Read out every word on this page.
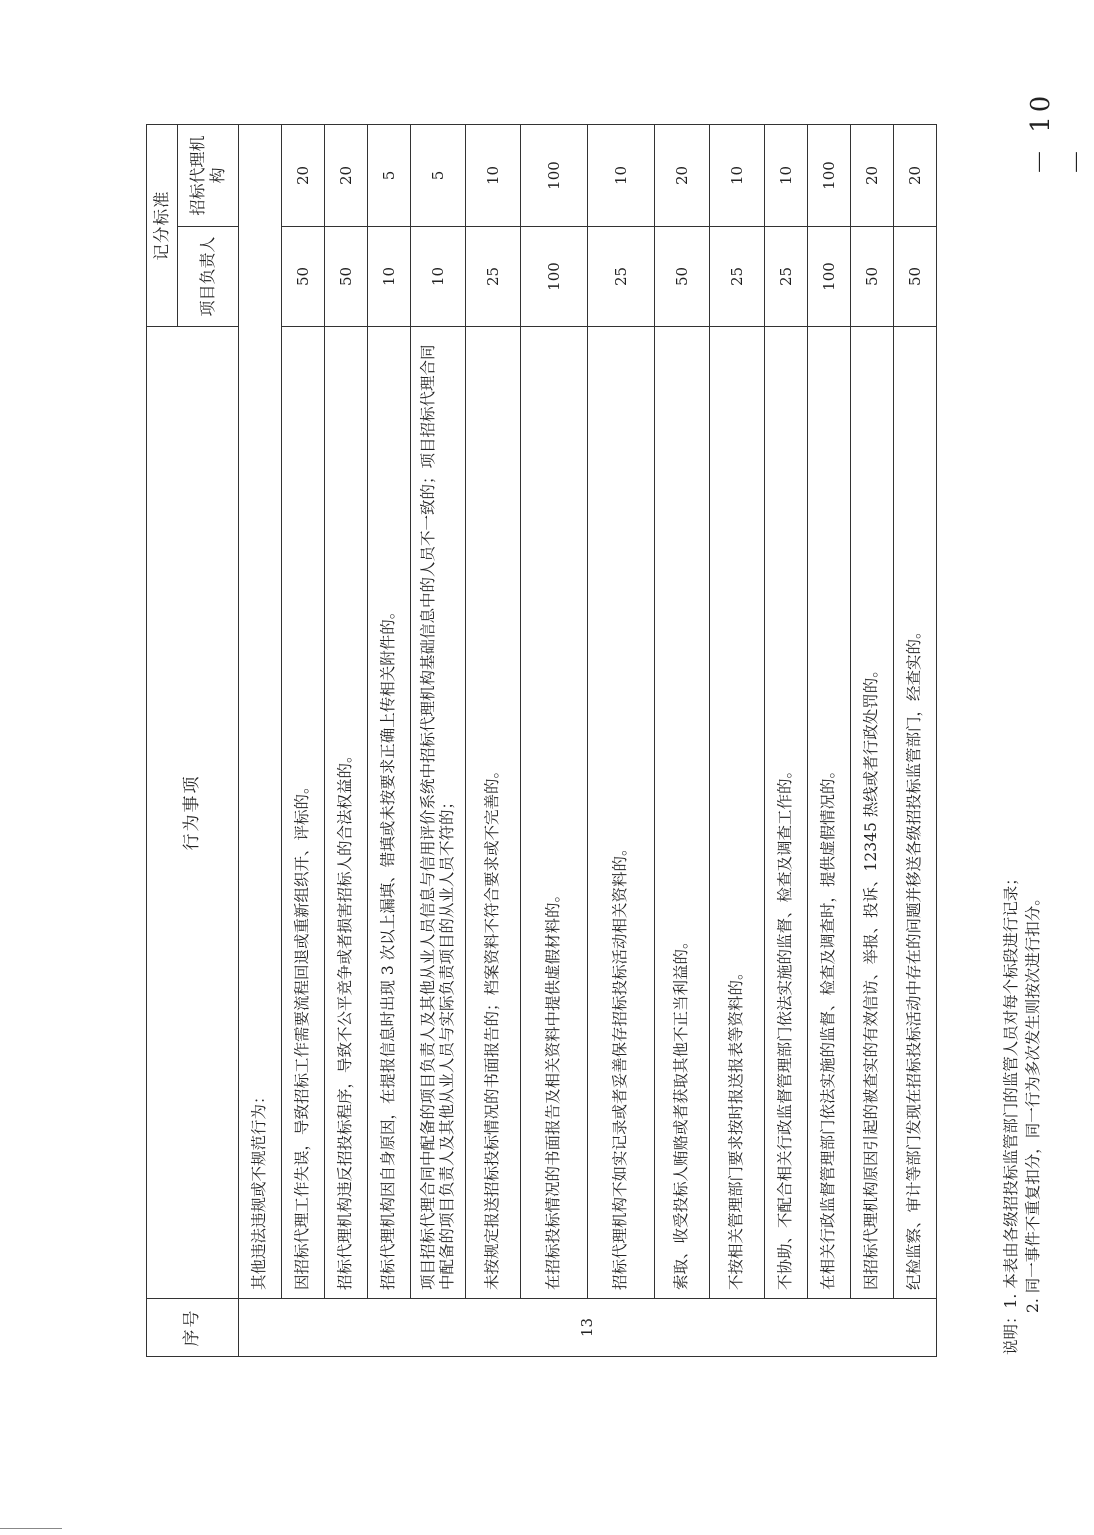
序号	行为事项	记分标准	
		项目负责人	招标代理机构
13	其他违法违规或不规范行为：		
	因招标代理工作失误，导致招标工作需要流程回退或重新组织开、评标的。	50	20
	招标代理机构违反招投标程序，导致不公平竞争或者损害招标人的合法权益的。	50	20
	招标代理机构因自身原因，在提报信息时出现 3 次以上漏填、错填或未按要求正确上传相关附件的。	10	5
	项目招标代理合同中配备的项目负责人及其他从业人员信息与信用评价系统中招标代理机构基础信息中的人员不一致的；项目招标代理合同中配备的项目负责人及其他从业人员与实际负责项目的从业人员不符的；	10	5
	未按规定报送招标投标情况的书面报告的；档案资料不符合要求或不完善的。	25	10
	在招标投标情况的书面报告及相关资料中提供虚假材料的。	100	100
	招标代理机构不如实记录或者妥善保存招标投标活动相关资料的。	25	10
	索取、收受投标人贿赂或者获取其他不正当利益的。	50	20
	不按相关管理部门要求按时报送报表等资料的。	25	10
	不协助、不配合相关行政监督管理部门依法实施的监督、检查及调查工作的。	25	10
	在相关行政监督管理部门依法实施的监督、检查及调查时，提供虚假情况的。	100	100
	因招标代理机构原因引起的被查实的有效信访、举报、投诉、12345 热线或者行政处罚的。	50	20
	纪检监察、审计等部门发现在招标投标活动中存在的问题并移送各级招投标监管部门，经查实的。	50	20
说明：1. 本表由各级招投标监管部门的监管人员对每个标段进行记录； 2. 同一事件不重复扣分，同一行为多次发生则按次进行扣分。
－ 10 －
